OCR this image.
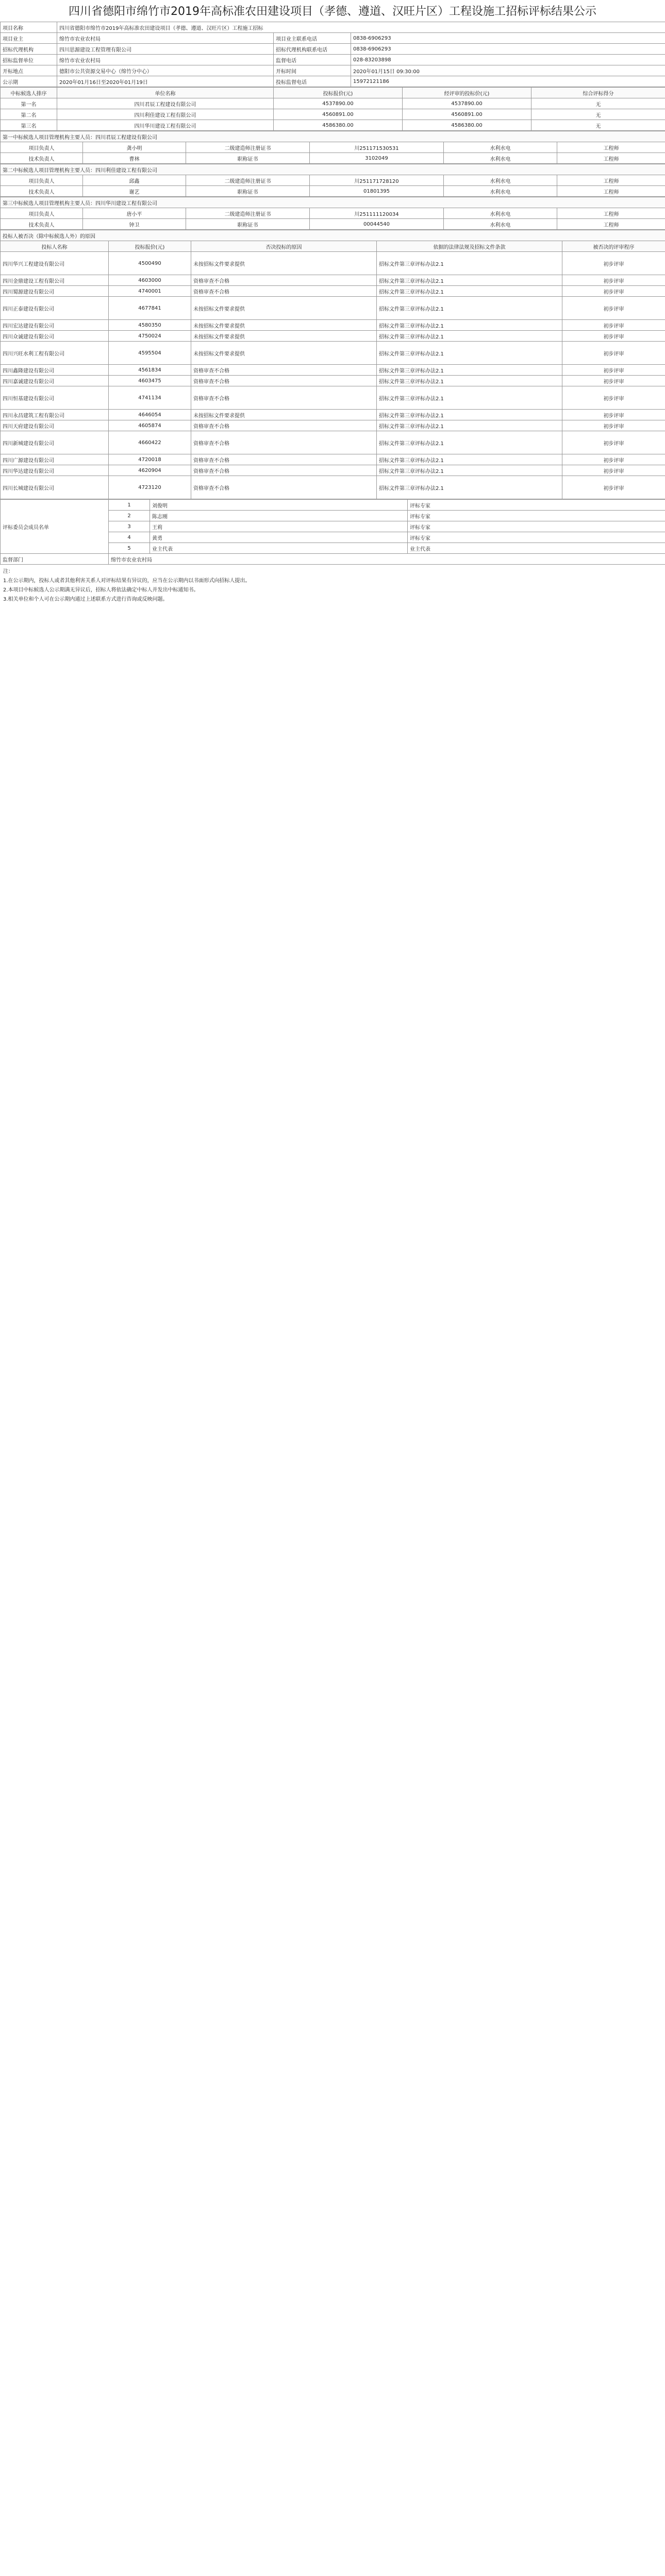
四川省德阳市绵竹市2019年高标准农田建设项目（孝德、遵道、汉旺片区）工程设施工招标评标结果公示
项目名称	四川省德阳市绵竹市2019年高标准农田建设项目（孝德、遵道、汉旺片区）工程施工招标		
项目业主	绵竹市农业农村局	项目业主联系电话	0838-6906293
招标代理机构	四川思源建设工程管理有限公司	招标代理机构联系电话	0838-6906293
招标监督单位	绵竹市农业农村局	监督电话	028-83203898
开标地点	德阳市公共资源交易中心（绵竹分中心）	开标时间	2020年01月15日 09:30:00
公示期	2020年01月16日至2020年01月19日	投标监督电话	15972121186
中标候选人排序	单位名称	投标报价(元)	经评审的投标价(元)	综合评标得分
第一名	四川君辰工程建设有限公司	4537890.00	4537890.00	无
第二名	四川利佳建设工程有限公司	4560891.00	4560891.00	无
第三名	四川华川建设工程有限公司	4586380.00	4586380.00	无
第一中标候选人项目管理机构主要人员：四川君辰工程建设有限公司					
项目负责人	龚小明	二级建造师注册证书	川251171530531	水利水电	工程师
技术负责人	曹林	职称证书	3102049	水利水电	工程师
第二中标候选人项目管理机构主要人员：四川利佳建设工程有限公司					
项目负责人	邱鑫	二级建造师注册证书	川251171728120	水利水电	工程师
技术负责人	谢艺	职称证书	01801395	水利水电	工程师
第三中标候选人项目管理机构主要人员：四川华川建设工程有限公司					
项目负责人	唐小平	二级建造师注册证书	川251111120034	水利水电	工程师
技术负责人	钟卫	职称证书	00044540	水利水电	工程师
投标人被否决（除中标候选人外）的原因				
投标人名称	投标报价(元)	否决投标的原因	依据的法律法规及招标文件条款	被否决的评审程序
四川华兴工程建设有限公司	4500490	未按招标文件要求提供	招标文件第三章评标办法2.1	初步评审
四川金鼎建设工程有限公司	4603000	资格审查不合格	招标文件第三章评标办法2.1	初步评审
四川蜀源建设有限公司	4740001	资格审查不合格	招标文件第三章评标办法2.1	初步评审
四川正泰建设有限公司	4677841	未按招标文件要求提供	招标文件第三章评标办法2.1	初步评审
四川宏达建设有限公司	4580350	未按招标文件要求提供	招标文件第三章评标办法2.1	初步评审
四川众诚建设有限公司	4750024	未按招标文件要求提供	招标文件第三章评标办法2.1	初步评审
四川兴旺水利工程有限公司	4595504	未按招标文件要求提供	招标文件第三章评标办法2.1	初步评审
四川鑫隆建设有限公司	4561834	资格审查不合格	招标文件第三章评标办法2.1	初步评审
四川嘉诚建设有限公司	4603475	资格审查不合格	招标文件第三章评标办法2.1	初步评审
四川恒基建设有限公司	4741134	资格审查不合格	招标文件第三章评标办法2.1	初步评审
四川永昌建筑工程有限公司	4646054	未按招标文件要求提供	招标文件第三章评标办法2.1	初步评审
四川天府建设有限公司	4605874	资格审查不合格	招标文件第三章评标办法2.1	初步评审
四川新城建设有限公司	4660422	资格审查不合格	招标文件第三章评标办法2.1	初步评审
四川广源建设有限公司	4720018	资格审查不合格	招标文件第三章评标办法2.1	初步评审
四川华达建设有限公司	4620904	资格审查不合格	招标文件第三章评标办法2.1	初步评审
四川长城建设有限公司	4723120	资格审查不合格	招标文件第三章评标办法2.1	初步评审
评标委员会成员名单	1	刘俊明	评标专家
	2	陈志刚	评标专家
	3	王莉	评标专家
	4	黄勇	评标专家
	5	业主代表	业主代表
监督部门	绵竹市农业农村局		

注：

1.在公示期内，投标人或者其他利害关系人对评标结果有异议的，应当在公示期内以书面形式向招标人提出。

2.本项目中标候选人公示期满无异议后，招标人将依法确定中标人并发出中标通知书。

3.相关单位和个人可在公示期内通过上述联系方式进行咨询或反映问题。
